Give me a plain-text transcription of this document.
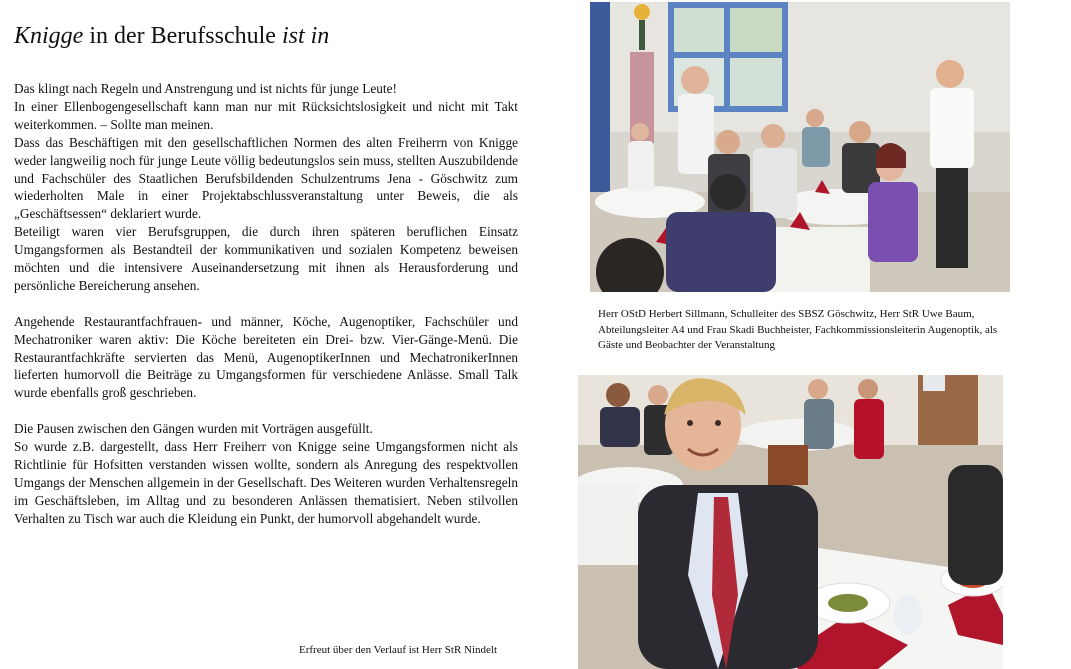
Knigge in der Berufsschule ist in

Das klingt nach Regeln und Anstrengung und ist nichts für junge Leute!

In einer Ellenbogengesellschaft kann man nur mit Rücksichtslosigkeit und nicht mit Takt weiterkommen. – Sollte man meinen.

Dass das Beschäftigen mit den gesellschaftlichen Normen des alten Freiherrn von Knigge weder langweilig noch für junge Leute völlig bedeutungslos sein muss, stellten Auszubildende und Fachschüler des Staatlichen Berufsbildenden Schulzentrums Jena - Göschwitz zum wiederholten Male in einer Projektabschlussveranstaltung unter Beweis, die als „Geschäftsessen“ deklariert wurde.

Beteiligt waren vier Berufsgruppen, die durch ihren späteren beruflichen Einsatz Umgangsformen als Bestandteil der kommunikativen und sozialen Kompetenz beweisen möchten und die intensivere Auseinandersetzung mit ihnen als Herausforderung und persönliche Bereicherung ansehen.

Angehende Restaurantfachfrauen- und männer, Köche, Augenoptiker, Fachschüler und Mechatroniker waren aktiv: Die Köche bereiteten ein Drei- bzw. Vier-Gänge-Menü. Die Restaurantfachkräfte servierten das Menü, AugenoptikerInnen und MechatronikerInnen lieferten humorvoll die Beiträge zu Umgangsformen für verschiedene Anlässe. Small Talk wurde ebenfalls groß geschrieben.

Die Pausen zwischen den Gängen wurden mit Vorträgen ausgefüllt.

So wurde z.B. dargestellt, dass Herr Freiherr von Knigge seine Umgangsformen nicht als Richtlinie für Hofsitten verstanden wissen wollte, sondern als Anregung des respektvollen Umgangs der Menschen allgemein in der Gesellschaft. Des Weiteren wurden Verhaltensregeln im Geschäftsleben, im Alltag und zu besonderen Anlässen thematisiert. Neben stilvollen Verhalten zu Tisch war auch die Kleidung ein Punkt, der humorvoll abgehandelt wurde.

Erfreut über den Verlauf ist Herr StR Nindelt
Herr OStD Herbert Sillmann, Schulleiter des SBSZ Göschwitz, Herr StR Uwe Baum, Abteilungsleiter A4 und Frau Skadi Buchheister, Fachkommissionsleiterin Augenoptik, als Gäste und Beobachter der Veranstaltung
